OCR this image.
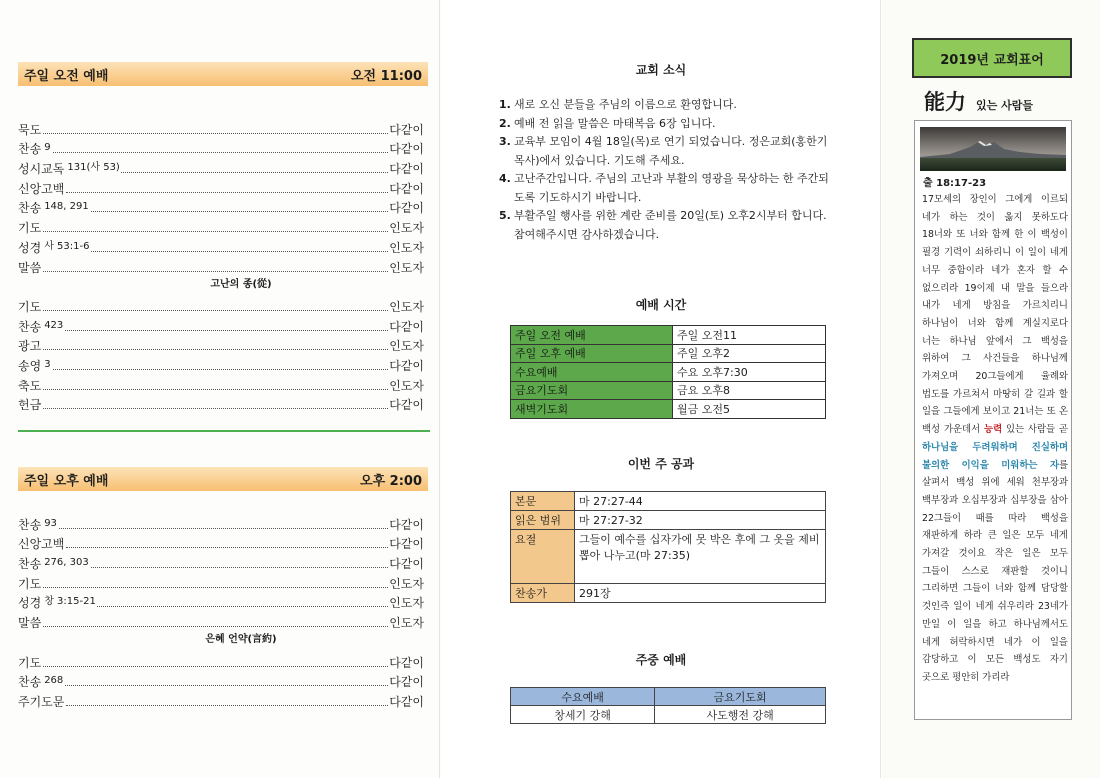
주일 오전 예배	오전 11:00
묵도	다같이
찬송 9	다같이
성시교독 131(사 53)	다같이
신앙고백	다같이
찬송 148, 291	다같이
기도	인도자
성경 사 53:1-6	인도자
말씀	인도자
고난의 종(從)
기도	인도자
찬송 423	다같이
광고	인도자
송영 3	다같이
축도	인도자
헌금	다같이
주일 오후 예배	오후 2:00
찬송 93	다같이
신앙고백	다같이
찬송 276, 303	다같이
기도	인도자
성경 창 3:15-21	인도자
말씀	인도자
은혜 언약(言約)
기도	다같이
찬송 268	다같이
주기도문	다같이
교회 소식
1. 새로 오신 분들을 주님의 이름으로 환영합니다.
2. 예배 전 읽을 말씀은 마태복음 6장 입니다.
3. 교육부 모임이 4월 18일(목)로 연기 되었습니다. 정은교회(홍한기 목사)에서 있습니다. 기도해 주세요.
4. 고난주간입니다. 주님의 고난과 부활의 영광을 묵상하는 한 주간되도록 기도하시기 바랍니다.
5. 부활주일 행사를 위한 계란 준비를 20일(토) 오후2시부터 합니다. 참여해주시면 감사하겠습니다.
예배 시간
이번 주 공과
주중 예배
주일 오전 예배	주일 오전11
주일 오후 예배	주일 오후2
수요예배	수요 오후7:30
금요기도회	금요 오후8
새벽기도회	월금 오전5
본문	마 27:27-44
읽은 범위	마 27:27-32
요절	그들이 예수를 십자가에 못 박은 후에 그 옷을 제비 뽑아 나누고(마 27:35)
찬송가	291장
수요예배	금요기도회
창세기 강해	사도행전 강해
2019년 교회표어
能力 있는 사람들
출 18:17-23
17모세의 장인이 그에게 이르되 네가 하는 것이 옳지 못하도다 18너와 또 너와 함께 한 이 백성이 필경 기력이 쇠하리니 이 일이 네게 너무 중함이라 네가 혼자 할 수 없으리라 19이제 내 말을 들으라 내가 네게 방침을 가르치리니 하나님이 너와 함께 계실지로다 너는 하나님 앞에서 그 백성을 위하여 그 사건들을 하나님께 가져오며 20그들에게 율례와 법도를 가르쳐서 마땅히 갈 길과 할 일을 그들에게 보이고 21너는 또 온 백성 가운데서 능력 있는 사람들 곧 하나님을 두려워하며 진실하며 불의한 이익을 미워하는 자를 살펴서 백성 위에 세워 천부장과 백부장과 오십부장과 십부장을 삼아 22그들이 때를 따라 백성을 재판하게 하라 큰 일은 모두 네게 가져갈 것이요 작은 일은 모두 그들이 스스로 재판할 것이니 그리하면 그들이 너와 함께 담당할 것인즉 일이 네게 쉬우리라 23네가 만일 이 일을 하고 하나님께서도 네게 허락하시면 네가 이 일을 감당하고 이 모든 백성도 자기 곳으로 평안히 가리라
